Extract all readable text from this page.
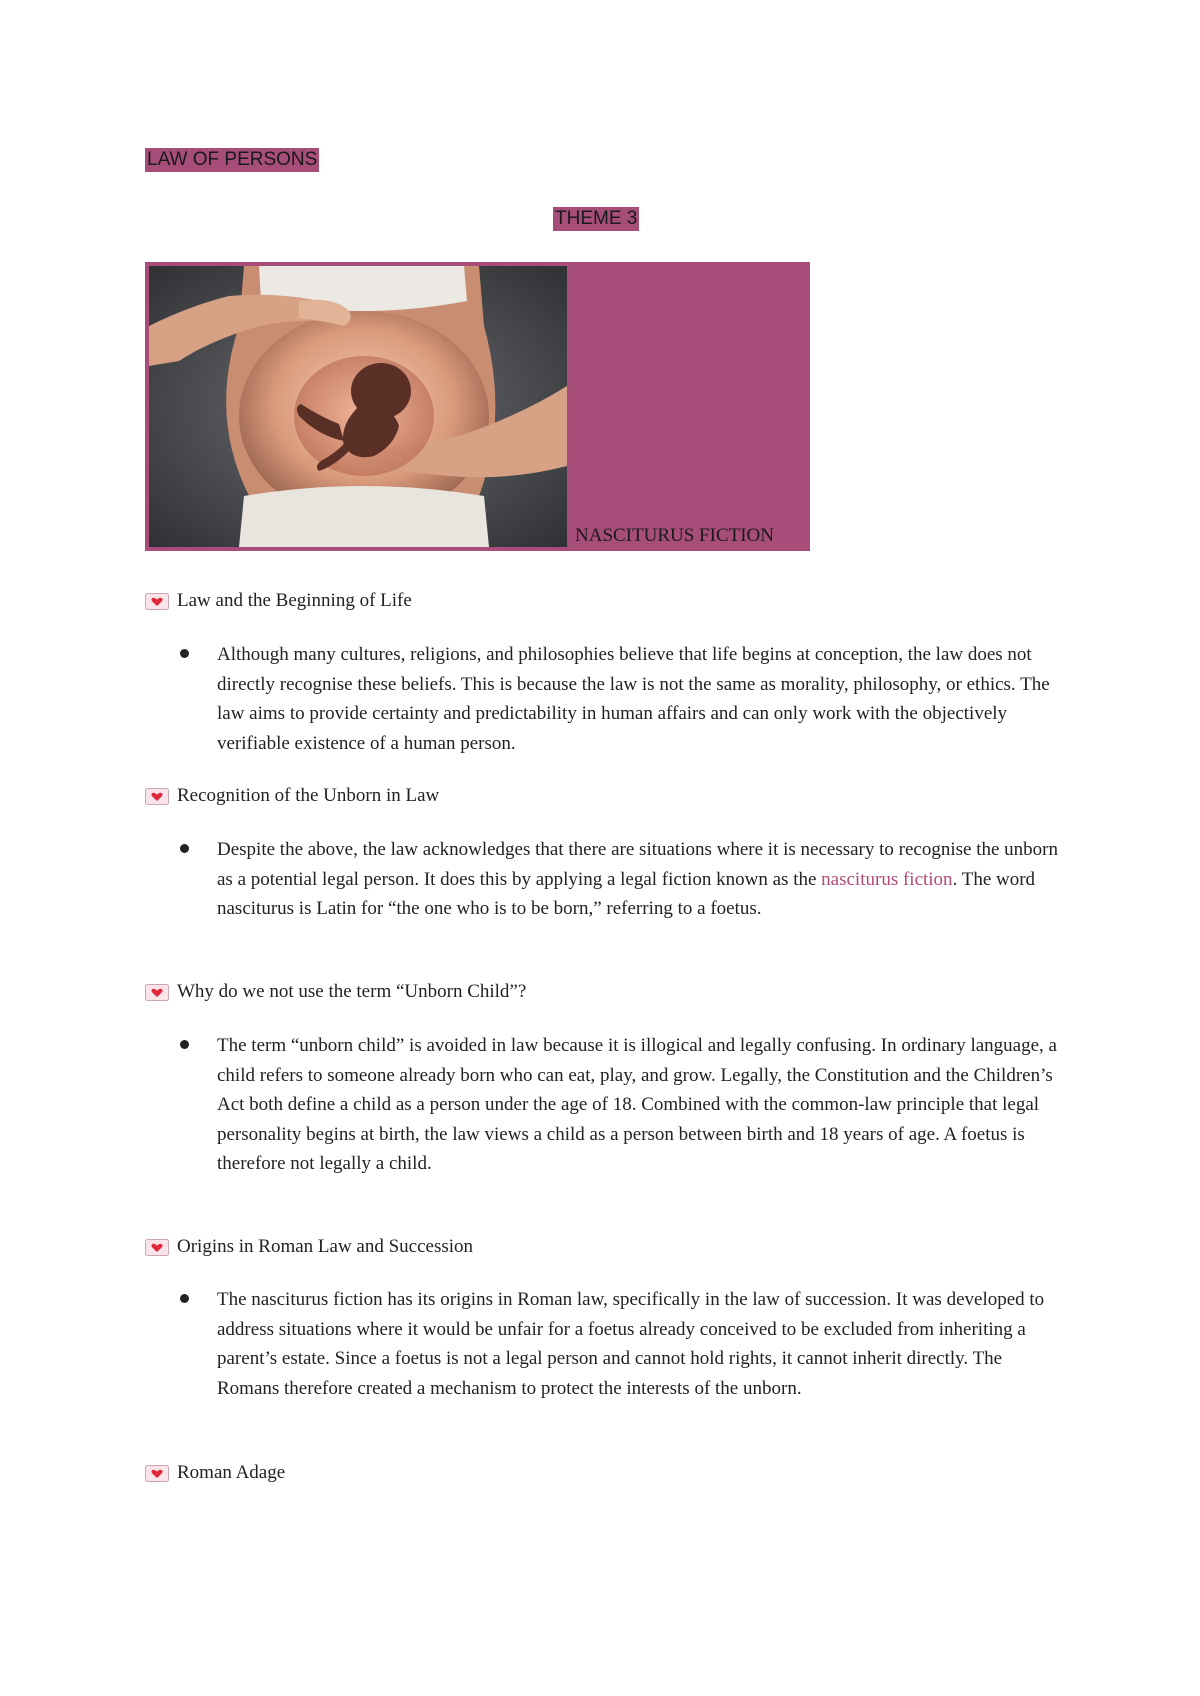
LAW OF PERSONS
THEME 3
NASCITURUS FICTION
Law and the Beginning of Life
Although many cultures, religions, and philosophies believe that life begins at conception, the law does not directly recognise these beliefs. This is because the law is not the same as morality, philosophy, or ethics. The law aims to provide certainty and predictability in human affairs and can only work with the objectively verifiable existence of a human person.
Recognition of the Unborn in Law
Despite the above, the law acknowledges that there are situations where it is necessary to recognise the unborn as a potential legal person. It does this by applying a legal fiction known as the nasciturus fiction. The word nasciturus is Latin for “the one who is to be born,” referring to a foetus.
Why do we not use the term “Unborn Child”?
The term “unborn child” is avoided in law because it is illogical and legally confusing. In ordinary language, a child refers to someone already born who can eat, play, and grow. Legally, the Constitution and the Children’s Act both define a child as a person under the age of 18. Combined with the common-law principle that legal personality begins at birth, the law views a child as a person between birth and 18 years of age. A foetus is therefore not legally a child.
Origins in Roman Law and Succession
The nasciturus fiction has its origins in Roman law, specifically in the law of succession. It was developed to address situations where it would be unfair for a foetus already conceived to be excluded from inheriting a parent’s estate. Since a foetus is not a legal person and cannot hold rights, it cannot inherit directly. The Romans therefore created a mechanism to protect the interests of the unborn.
Roman Adage
